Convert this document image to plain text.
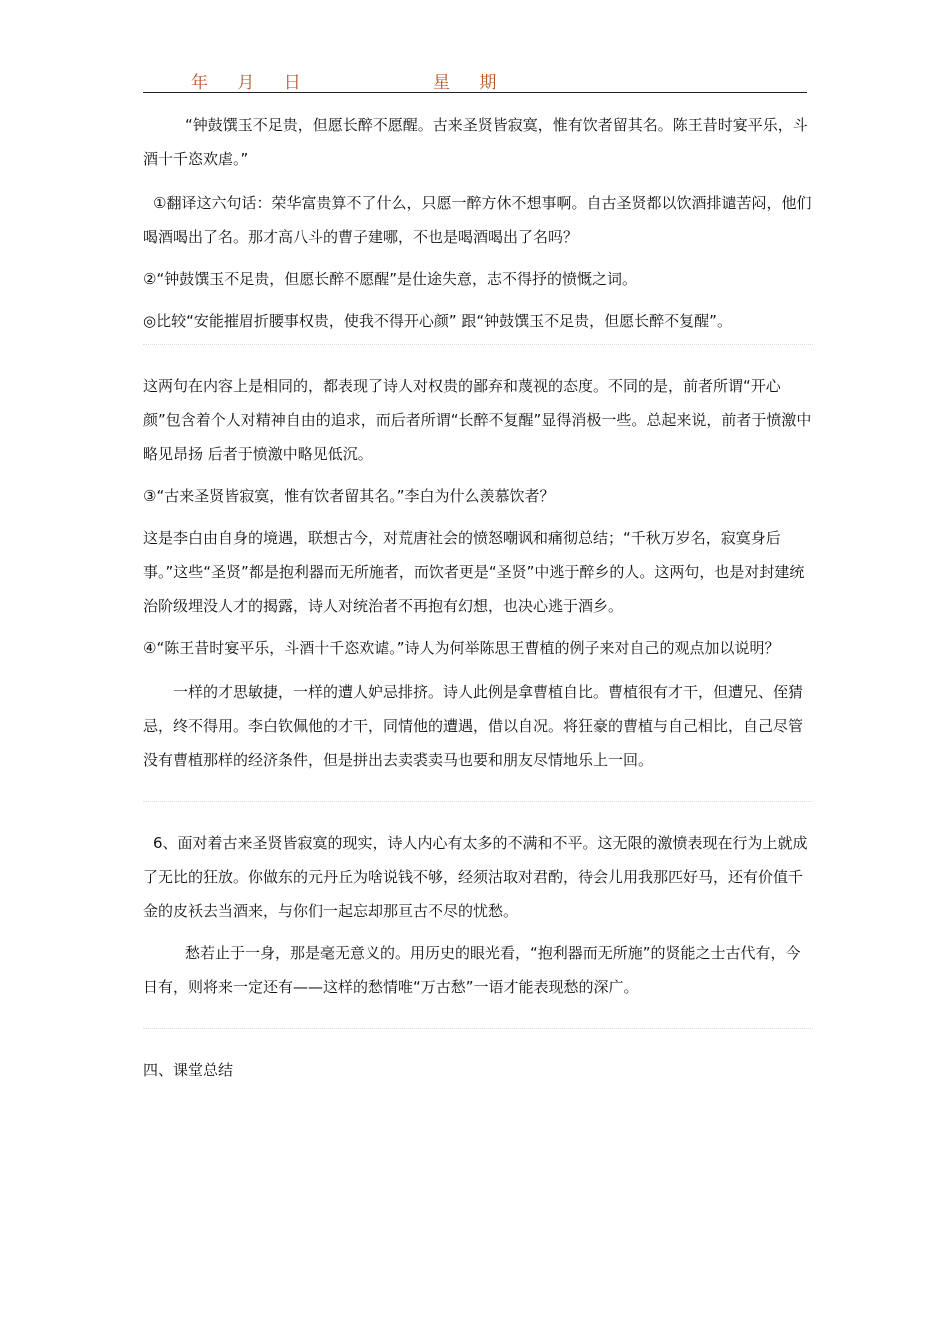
年 月 日	星 期

“钟鼓馔玉不足贵，但愿长醉不愿醒。古来圣贤皆寂寞，惟有饮者留其名。陈王昔时宴平乐，斗酒十千恣欢虐。”

①翻译这六句话：荣华富贵算不了什么，只愿一醉方休不想事啊。自古圣贤都以饮酒排谴苦闷，他们喝酒喝出了名。那才高八斗的曹子建哪，不也是喝酒喝出了名吗？

②“钟鼓馔玉不足贵，但愿长醉不愿醒”是仕途失意，志不得抒的愤慨之词。

◎比较“安能摧眉折腰事权贵，使我不得开心颜” 跟“钟鼓馔玉不足贵，但愿长醉不复醒”。

这两句在内容上是相同的，都表现了诗人对权贵的鄙弃和蔑视的态度。不同的是，前者所谓“开心颜”包含着个人对精神自由的追求，而后者所谓“长醉不复醒”显得消极一些。总起来说，前者于愤激中略见昂扬 后者于愤激中略见低沉。

③“古来圣贤皆寂寞，惟有饮者留其名。”李白为什么羡慕饮者？

这是李白由自身的境遇，联想古今，对荒唐社会的愤怒嘲讽和痛彻总结；“千秋万岁名，寂寞身后事。”这些“圣贤”都是抱利器而无所施者，而饮者更是“圣贤”中逃于醉乡的人。这两句，也是对封建统治阶级埋没人才的揭露，诗人对统治者不再抱有幻想，也决心逃于酒乡。

④“陈王昔时宴平乐，斗酒十千恣欢谑。”诗人为何举陈思王曹植的例子来对自己的观点加以说明？

一样的才思敏捷，一样的遭人妒忌排挤。诗人此例是拿曹植自比。曹植很有才干，但遭兄、侄猜忌，终不得用。李白钦佩他的才干，同情他的遭遇，借以自况。将狂豪的曹植与自己相比，自己尽管没有曹植那样的经济条件，但是拼出去卖裘卖马也要和朋友尽情地乐上一回。

6、面对着古来圣贤皆寂寞的现实，诗人内心有太多的不满和不平。这无限的激愤表现在行为上就成了无比的狂放。你做东的元丹丘为啥说钱不够，经须沽取对君酌，待会儿用我那匹好马，还有价值千金的皮袄去当酒来，与你们一起忘却那亘古不尽的忧愁。

愁若止于一身，那是毫无意义的。用历史的眼光看，“抱利器而无所施”的贤能之士古代有，今日有，则将来一定还有——这样的愁情唯“万古愁”一语才能表现愁的深广。

四、课堂总结
